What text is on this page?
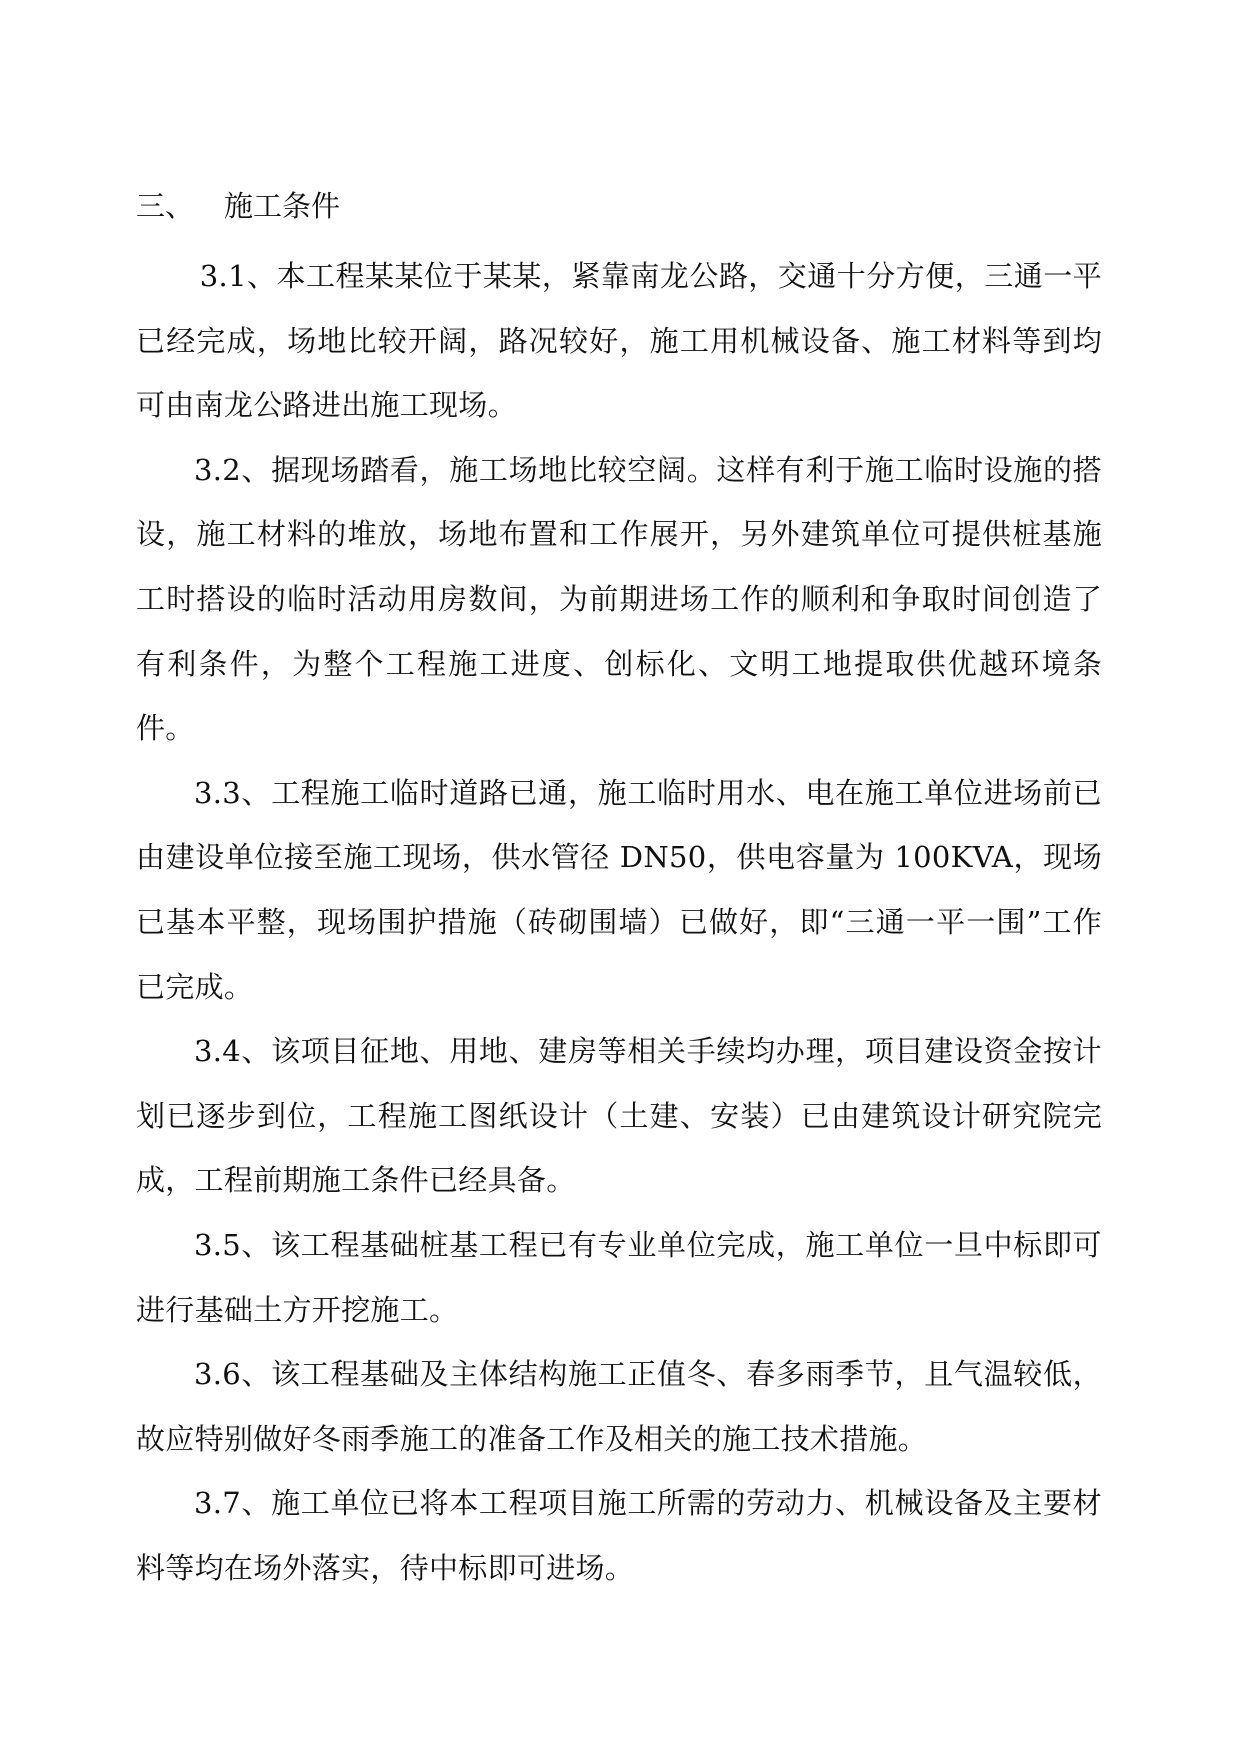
三、 施工条件

3.1、本工程某某位于某某，紧靠南龙公路，交通十分方便，三通一平已经完成，场地比较开阔，路况较好，施工用机械设备、施工材料等到均可由南龙公路进出施工现场。

3.2、据现场踏看，施工场地比较空阔。这样有利于施工临时设施的搭设，施工材料的堆放，场地布置和工作展开，另外建筑单位可提供桩基施工时搭设的临时活动用房数间，为前期进场工作的顺利和争取时间创造了有利条件，为整个工程施工进度、创标化、文明工地提取供优越环境条件。

3.3、工程施工临时道路已通，施工临时用水、电在施工单位进场前已由建设单位接至施工现场，供水管径 DN50，供电容量为 100KVA，现场已基本平整，现场围护措施（砖砌围墙）已做好，即“三通一平一围”工作已完成。

3.4、该项目征地、用地、建房等相关手续均办理，项目建设资金按计划已逐步到位，工程施工图纸设计（土建、安装）已由建筑设计研究院完成，工程前期施工条件已经具备。

3.5、该工程基础桩基工程已有专业单位完成，施工单位一旦中标即可进行基础土方开挖施工。

3.6、该工程基础及主体结构施工正值冬、春多雨季节，且气温较低，故应特别做好冬雨季施工的准备工作及相关的施工技术措施。

3.7、施工单位已将本工程项目施工所需的劳动力、机械设备及主要材料等均在场外落实，待中标即可进场。
